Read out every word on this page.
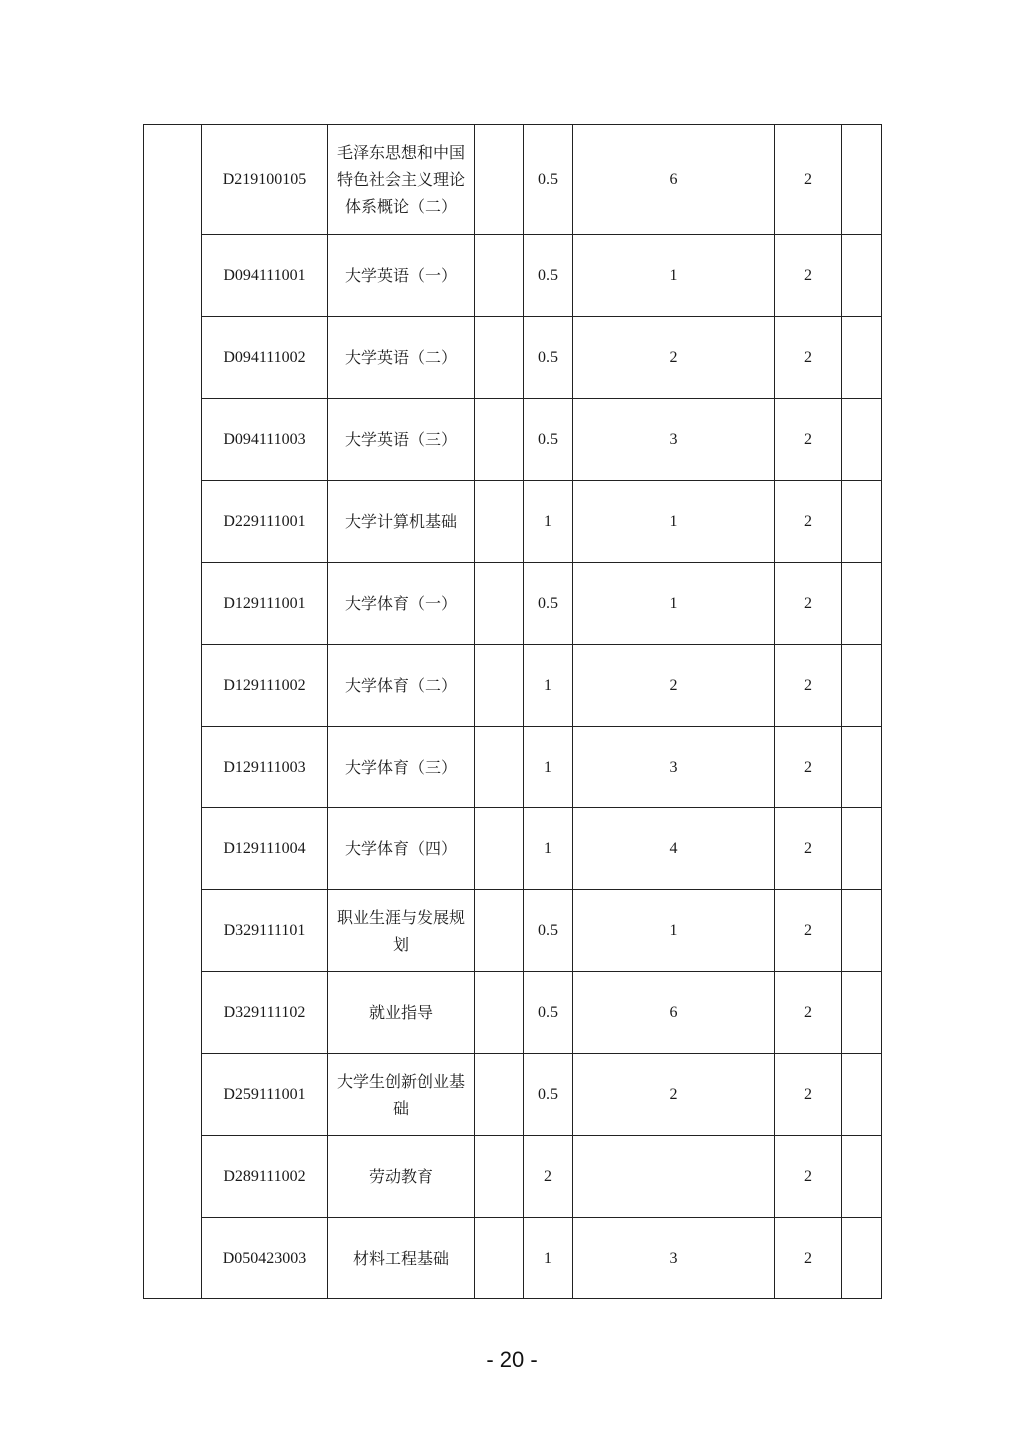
	D219100105	毛泽东思想和中国特色社会主义理论体系概论（二）		0.5	6	2	
	D094111001	大学英语（一）		0.5	1	2	
	D094111002	大学英语（二）		0.5	2	2	
	D094111003	大学英语（三）		0.5	3	2	
	D229111001	大学计算机基础		1	1	2	
	D129111001	大学体育（一）		0.5	1	2	
	D129111002	大学体育（二）		1	2	2	
	D129111003	大学体育（三）		1	3	2	
	D129111004	大学体育（四）		1	4	2	
	D329111101	职业生涯与发展规划		0.5	1	2	
	D329111102	就业指导		0.5	6	2	
	D259111001	大学生创新创业基础		0.5	2	2	
	D289111002	劳动教育		2		2	
	D050423003	材料工程基础		1	3	2	
- 20 -
